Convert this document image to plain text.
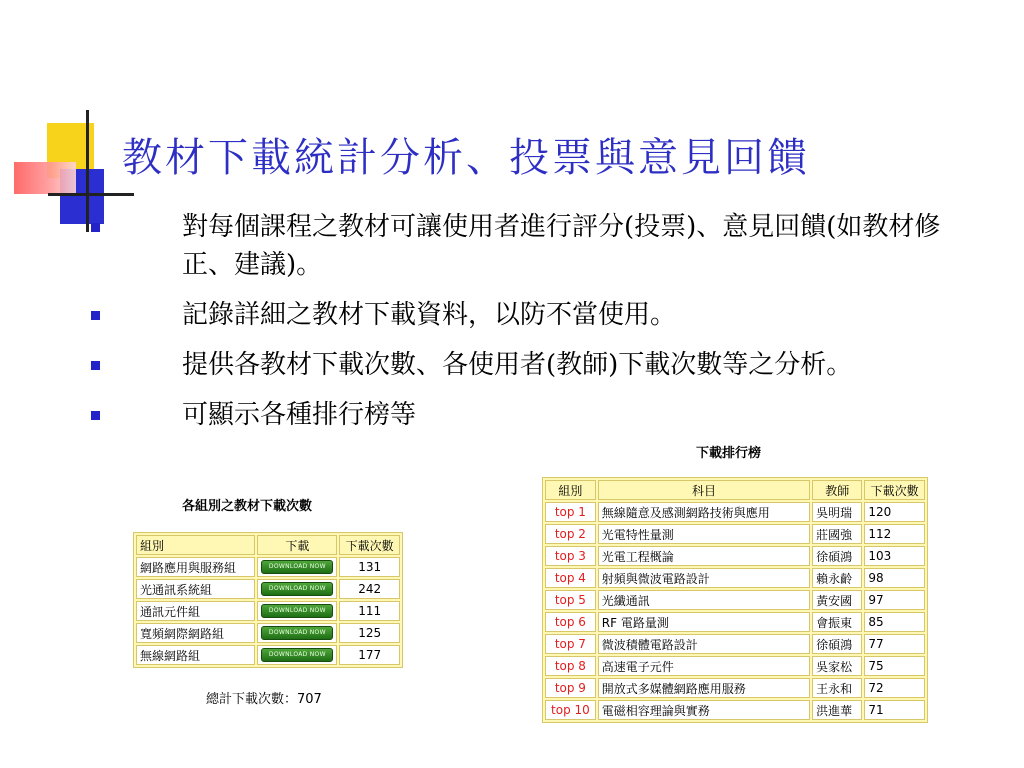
教材下載統計分析、投票與意見回饋
對每個課程之教材可讓使用者進行評分(投票)、意見回饋(如教材修正、建議)。
記錄詳細之教材下載資料，以防不當使用。
提供各教材下載次數、各使用者(教師)下載次數等之分析。
可顯示各種排行榜等
各組別之教材下載次數
下載排行榜
組別	下載	下載次數
網路應用與服務組	DOWNLOAD NOW	131
光通訊系統組	DOWNLOAD NOW	242
通訊元件組	DOWNLOAD NOW	111
寬頻網際網路組	DOWNLOAD NOW	125
無線網路組	DOWNLOAD NOW	177
總計下載次數：707
組別	科目	教師	下載次數
top 1	無線隨意及感測網路技術與應用	吳明瑞	120
top 2	光電特性量測	莊國強	112
top 3	光電工程概論	徐碩鴻	103
top 4	射頻與微波電路設計	賴永齡	98
top 5	光纖通訊	黃安國	97
top 6	RF 電路量測	會振東	85
top 7	微波積體電路設計	徐碩鴻	77
top 8	高速電子元件	吳家松	75
top 9	開放式多媒體網路應用服務	王永和	72
top 10	電磁相容理論與實務	洪進華	71
